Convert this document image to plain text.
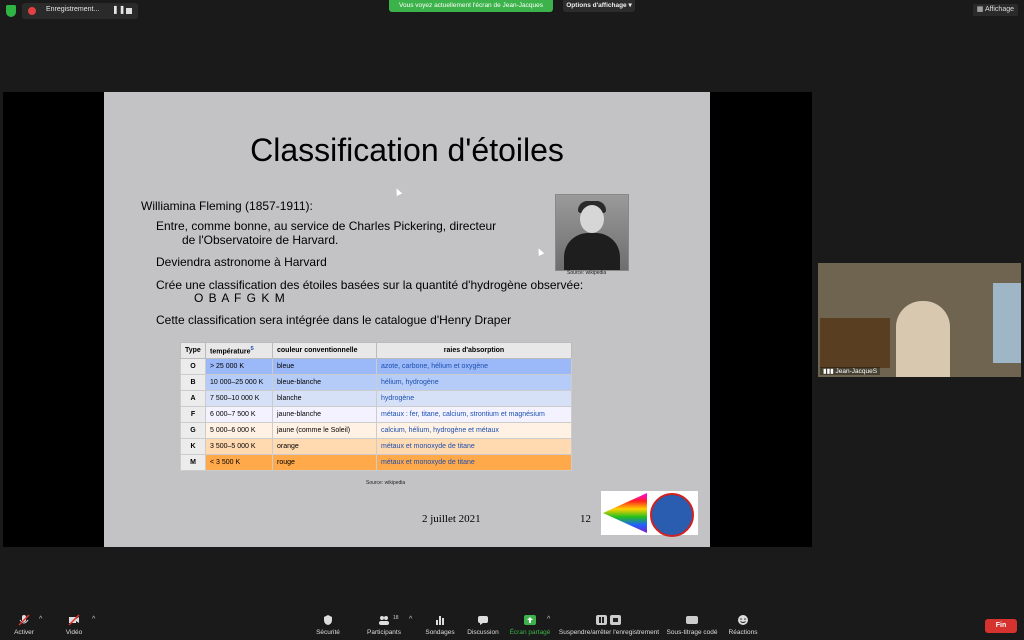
Enregistrement... ❚❚	Vous voyez actuellement l'écran de Jean-Jacques	Options d'affichage ▾
▦ Affichage
Classification d'étoiles
Williamina Fleming (1857-1911):
Entre, comme bonne, au service de Charles Pickering, directeur
de l'Observatoire de Harvard.
Deviendra astronome à Harvard
Crée une classification des étoiles basées sur la quantité d'hydrogène observée:
O B A F G K M
Cette classification sera intégrée dans le catalogue d'Henry Draper
Source: wikipedia
Type	température$^5$	couleur conventionnelle	raies d'absorption
O	> 25 000 K	bleue	azote, carbone, hélium et oxygène
B	10 000–25 000 K	bleue-blanche	hélium, hydrogène
A	7 500–10 000 K	blanche	hydrogène
F	6 000–7 500 K	jaune-blanche	métaux : fer, titane, calcium, strontium et magnésium
G	5 000–6 000 K	jaune (comme le Soleil)	calcium, hélium, hydrogène et métaux
K	3 500–5 000 K	orange	métaux et monoxyde de titane
M	< 3 500 K	rouge	métaux et monoxyde de titane
Source: wikipedia
2 juillet 2021	12
▮▮▮ Jean-JacqueS
Activer
^
Vidéo
^
Sécurité	Participants
18 ^
Sondages	Discussion	Écran partagé
^
Suspendre/arrêter l'enregistrement Sous-titrage codé	Réactions
Fin
